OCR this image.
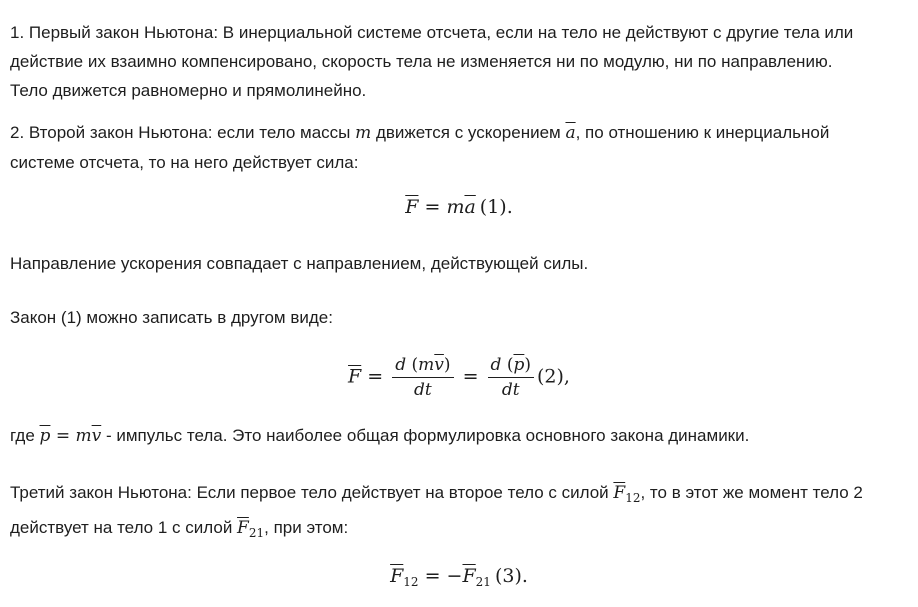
1. Первый закон Ньютона: В инерциальной системе отсчета, если на тело не действуют с другие тела или
действие их взаимно компенсировано, скорость тела не изменяется ни по модулю, ни по направлению.
Тело движется равномерно и прямолинейно.
2. Второй закон Ньютона: если тело массы m движется с ускорением $\overline{a}$, по отношению к инерциальной
системе отсчета, то на него действует сила:
$\overline{F} = m\overline{a}$ (1).
Направление ускорения совпадает с направлением, действующей силы.
Закон (1) можно записать в другом виде:
$\overline{F} = \frac{d (m\overline{v})}{dt} = \frac{d (\overline{p})}{dt} (2)$,
где $\overline{p} = m\overline{v}$ - импульс тела. Это наиболее общая формулировка основного закона динамики.
Третий закон Ньютона: Если первое тело действует на второе тело с силой $\overline{F}_{12}$, то в этот же момент тело 2
действует на тело 1 с силой $\overline{F}_{21}$, при этом:
$\overline{F}_{12} = -\overline{F}_{21}$ (3).
